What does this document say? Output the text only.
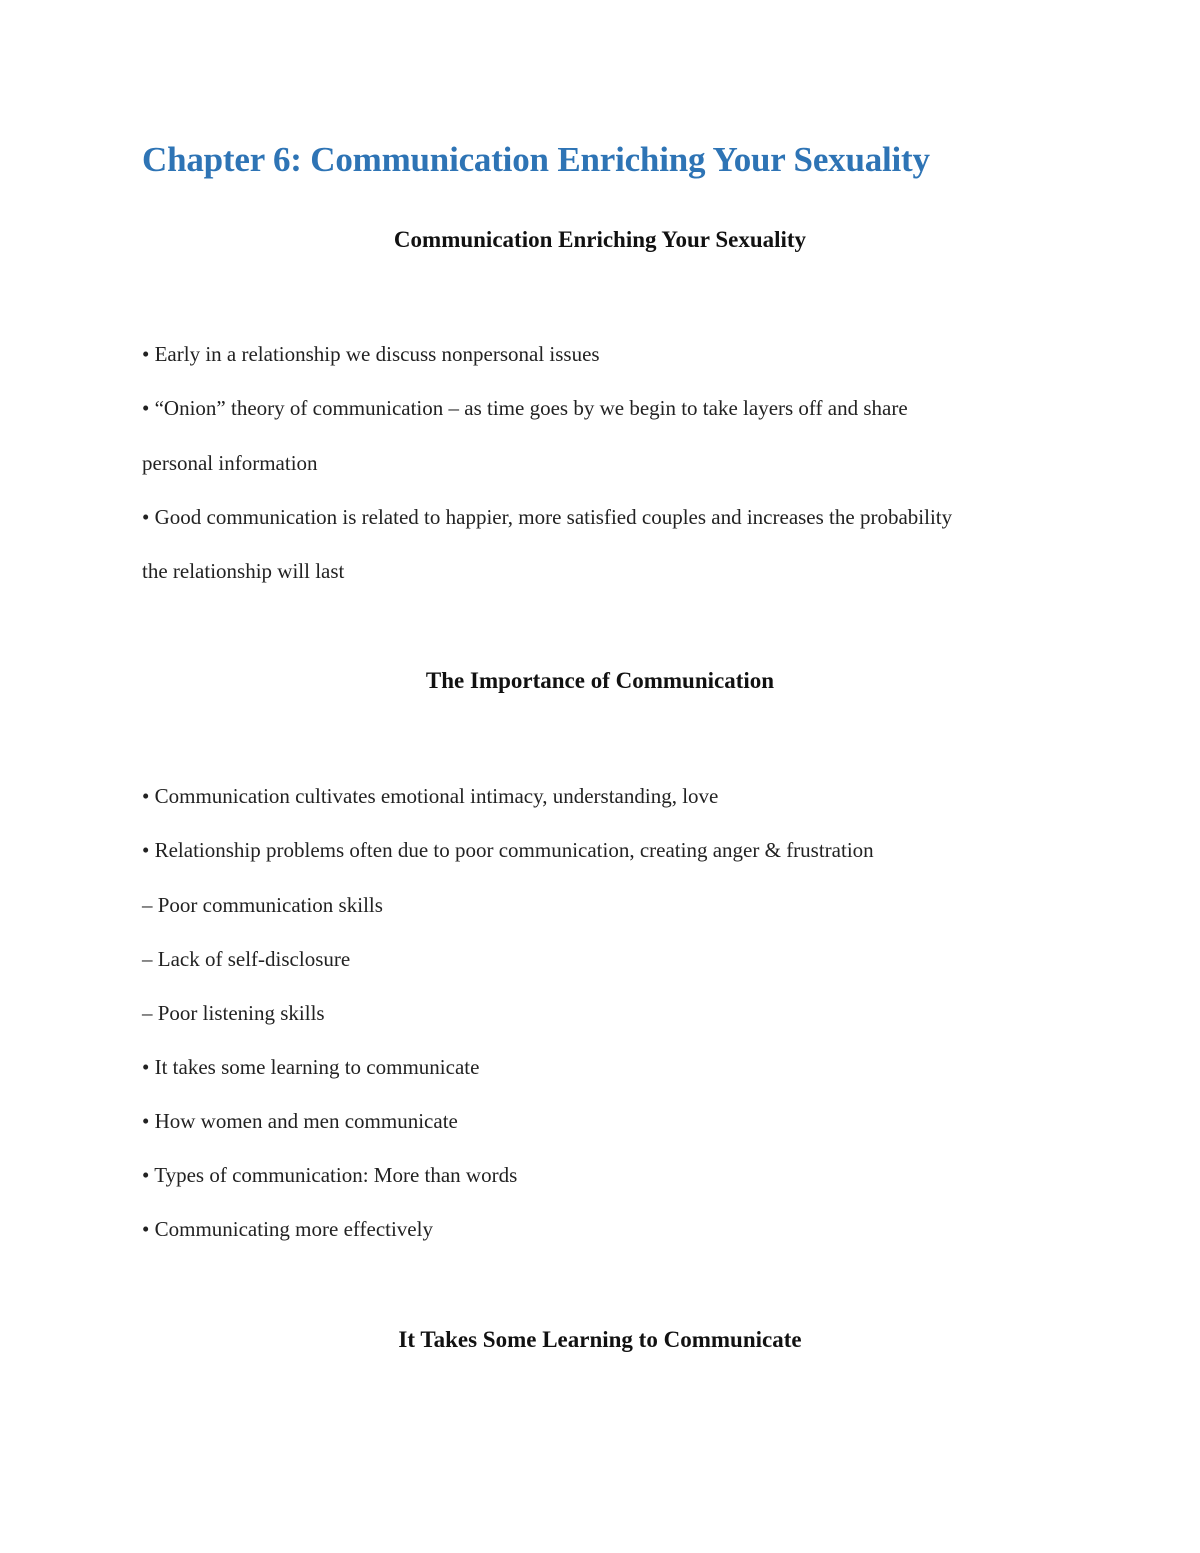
Chapter 6: Communication Enriching Your Sexuality
Communication Enriching Your Sexuality

• Early in a relationship we discuss nonpersonal issues

• “Onion” theory of communication – as time goes by we begin to take layers off and share

personal information

• Good communication is related to happier, more satisfied couples and increases the probability

the relationship will last

The Importance of Communication

• Communication cultivates emotional intimacy, understanding, love

• Relationship problems often due to poor communication, creating anger & frustration

– Poor communication skills

– Lack of self-disclosure

– Poor listening skills

• It takes some learning to communicate

• How women and men communicate

• Types of communication: More than words

• Communicating more effectively

It Takes Some Learning to Communicate
